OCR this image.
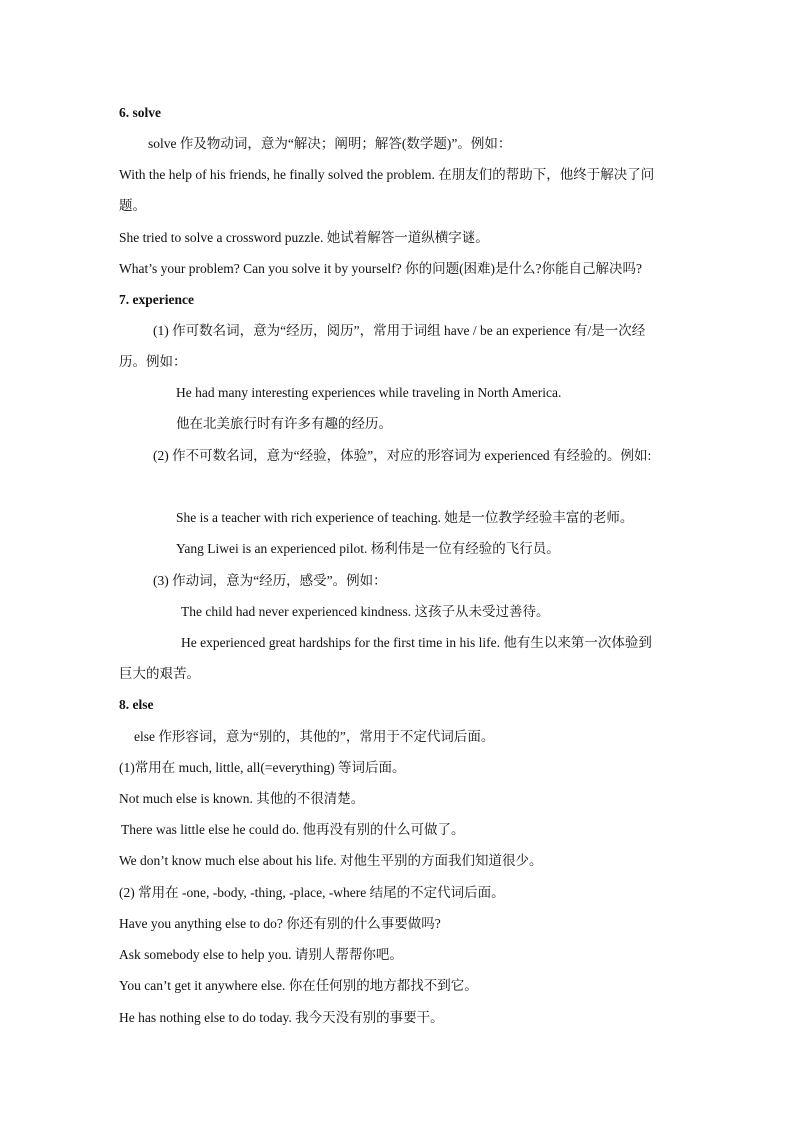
6. solve
solve 作及物动词，意为“解决；阐明；解答(数学题)”。例如：
With the help of his friends, he finally solved the problem. 在朋友们的帮助下，他终于解决了问
题。
She tried to solve a crossword puzzle. 她试着解答一道纵横字谜。
What’s your problem? Can you solve it by yourself? 你的问题(困难)是什么?你能自己解决吗?
7. experience
(1) 作可数名词，意为“经历，阅历”，常用于词组 have / be an experience 有/是一次经
历。例如：
He had many interesting experiences while traveling in North America.
他在北美旅行时有许多有趣的经历。
(2) 作不可数名词，意为“经验，体验”，对应的形容词为 experienced 有经验的。例如:
She is a teacher with rich experience of teaching. 她是一位教学经验丰富的老师。
Yang Liwei is an experienced pilot. 杨利伟是一位有经验的飞行员。
(3) 作动词，意为“经历，感受”。例如：
The child had never experienced kindness. 这孩子从未受过善待。
He experienced great hardships for the first time in his life. 他有生以来第一次体验到
巨大的艰苦。
8. else
else 作形容词，意为“别的，其他的”，常用于不定代词后面。
(1)常用在 much, little, all(=everything) 等词后面。
Not much else is known. 其他的不很清楚。
There was little else he could do. 他再没有别的什么可做了。
We don’t know much else about his life. 对他生平别的方面我们知道很少。
(2) 常用在 -one, -body, -thing, -place, -where 结尾的不定代词后面。
Have you anything else to do? 你还有别的什么事要做吗?
Ask somebody else to help you. 请别人帮帮你吧。
You can’t get it anywhere else. 你在任何别的地方都找不到它。
He has nothing else to do today. 我今天没有别的事要干。
